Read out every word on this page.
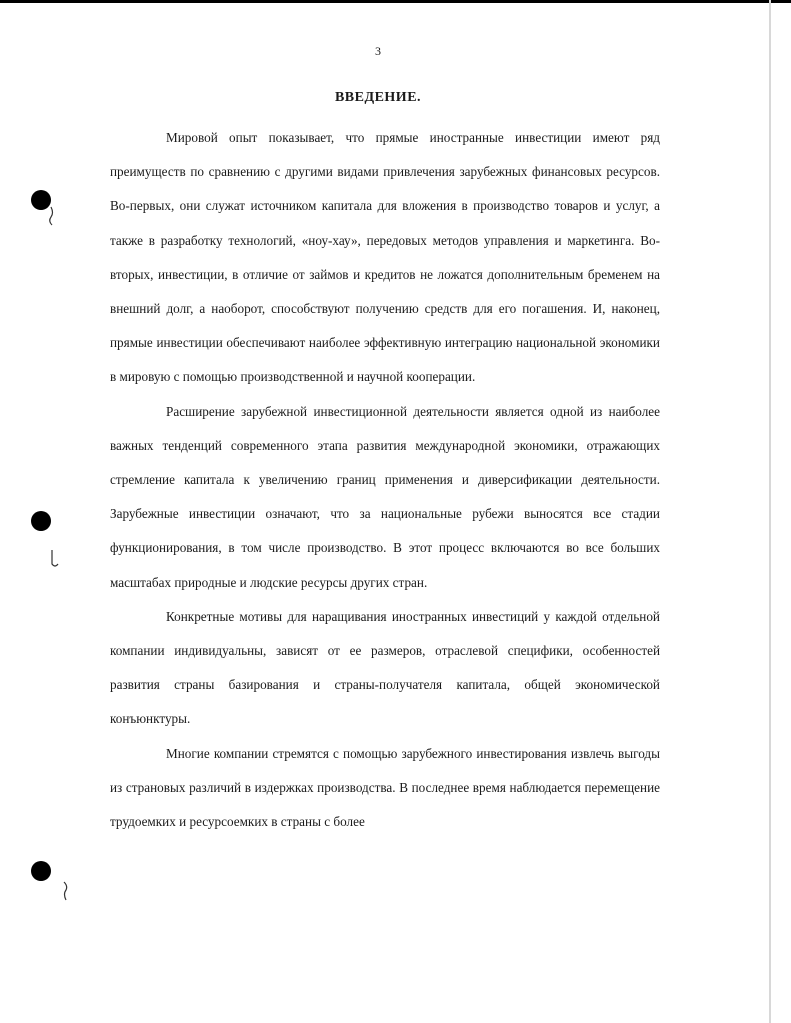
3
ВВЕДЕНИЕ.

Мировой опыт показывает, что прямые иностранные инвестиции имеют ряд преимуществ по сравнению с другими видами привлечения зарубежных финансовых ресурсов. Во-первых, они служат источником капитала для вложения в производство товаров и услуг, а также в разработку технологий, «ноу-хау», передовых методов управления и маркетинга. Во-вторых, инвестиции, в отличие от займов и кредитов не ложатся дополнительным бременем на внешний долг, а наоборот, способствуют получению средств для его погашения. И, наконец, прямые инвестиции обеспечивают наиболее эффективную интеграцию национальной экономики в мировую с помощью производственной и научной кооперации.

Расширение зарубежной инвестиционной деятельности является одной из наиболее важных тенденций современного этапа развития международной экономики, отражающих стремление капитала к увеличению границ применения и диверсификации деятельности. Зарубежные инвестиции означают, что за национальные рубежи выносятся все стадии функционирования, в том числе производство. В этот процесс включаются во все больших масштабах природные и людские ресурсы других стран.

Конкретные мотивы для наращивания иностранных инвестиций у каждой отдельной компании индивидуальны, зависят от ее размеров, отраслевой специфики, особенностей развития страны базирования и страны-получателя капитала, общей экономической конъюнктуры.

Многие компании стремятся с помощью зарубежного инвестирования извлечь выгоды из страновых различий в издержках производства. В последнее время наблюдается перемещение трудоемких и ресурсоемких в страны с более
